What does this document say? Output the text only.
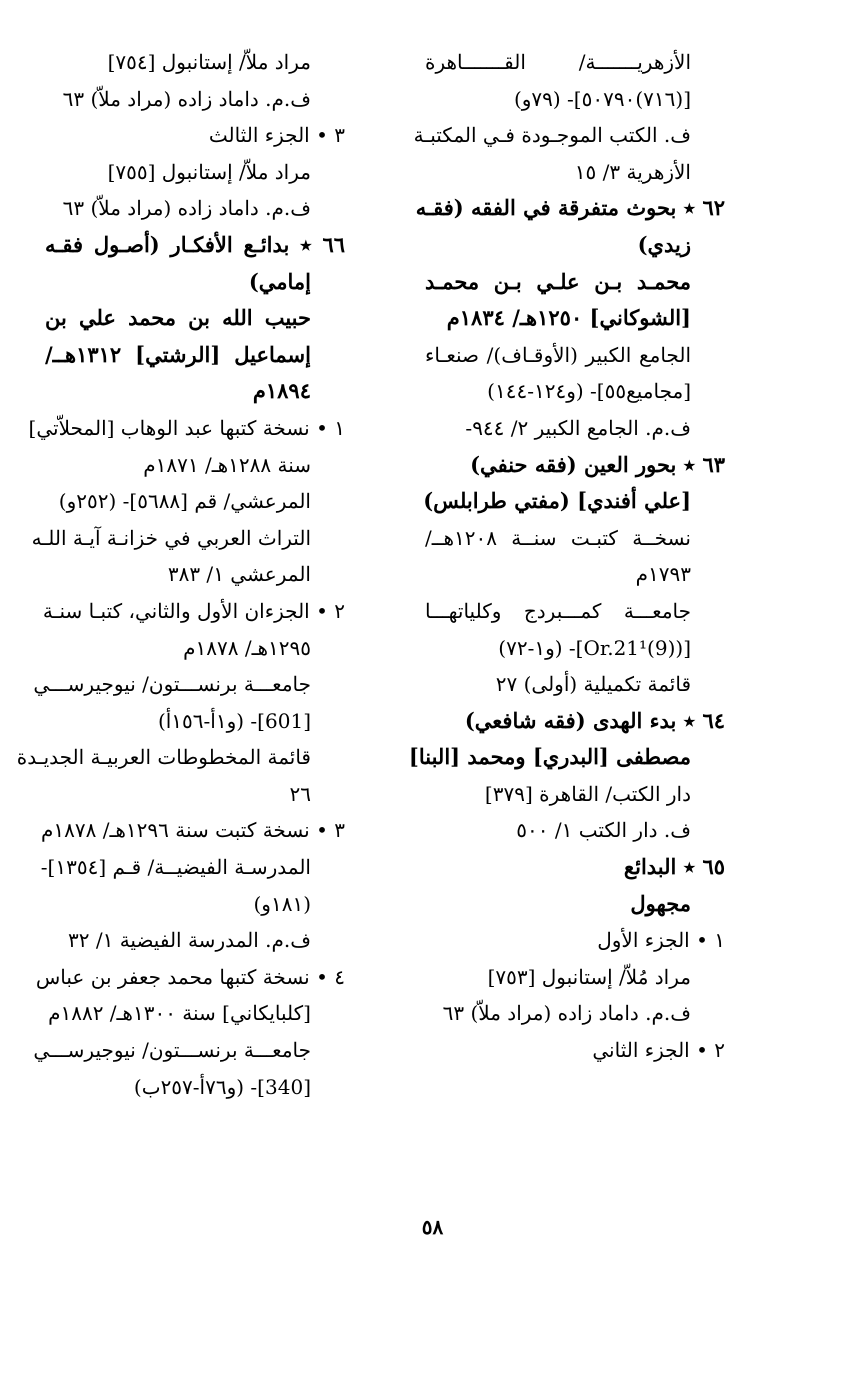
الأزهريـــــــة/ القـــــــاهرة
[(٧١٦)٥٠٧٩٠]- (٧٩و)
ف. الكتب الموجـودة فـي المكتبـة
الأزهرية ٣/ ١٥
٦٢ ٭ بحوث متفرقة في الفقه (فقـه
زيدي)
محمـد بـن علـي بـن محمـد
[الشوكاني] ١٢٥٠هـ/ ١٨٣٤م
الجامع الكبير (الأوقـاف)/ صنعـاء
[مجاميع٥٥]- (و١٢٤-١٤٤)
ف.م. الجامع الكبير ٢/ ٩٤٤-
٦٣ ٭ بحور العين (فقه حنفي)
[علي أفندي] (مفتي طرابلس)
نسخــة كتبـت سنــة ١٢٠٨هــ/
١٧٩٣م
جامعـــة كمـــبردج وكلياتهـــا
[(Or.21¹(9)]- (و١-٧٢)
قائمة تكميلية (أولى) ٢٧
٦٤ ٭ بدء الهدى (فقه شافعي)
مصطفى [البدري] ومحمد [البنا]
دار الكتب/ القاهرة [٣٧٩]
ف. دار الكتب ١/ ٥٠٠
٦٥ ٭ البدائع
مجهول
١ • الجزء الأول
مراد مُلاّ/ إستانبول [٧٥٣]
ف.م. داماد زاده (مراد ملاّ) ٦٣
٢ • الجزء الثاني
مراد ملاّ/ إستانبول [٧٥٤]
ف.م. داماد زاده (مراد ملاّ) ٦٣
٣ • الجزء الثالث
مراد ملاّ/ إستانبول [٧٥٥]
ف.م. داماد زاده (مراد ملاّ) ٦٣
٦٦ ٭ بدائـع الأفكـار (أصـول فقـه
إمامي)
حبيب الله بن محمد علي بن
إسماعيل [الرشتي] ١٣١٢هــ/
١٨٩٤م
١ • نسخة كتبها عبد الوهاب [المحلاّتي]
سنة ١٢٨٨هـ/ ١٨٧١م
المرعشي/ قم [٥٦٨٨]- (٢٥٢و)
التراث العربي في خزانـة آيـة اللـه
المرعشي ١/ ٣٨٣
٢ • الجزءان الأول والثاني، كتبـا سنـة
١٢٩٥هـ/ ١٨٧٨م
جامعـــة برنســـتون/ نيوجيرســـي
[601]- (و١أ-١٥٦أ)
قائمة المخطوطات العربيـة الجديـدة
٢٦
٣ • نسخة كتبت سنة ١٢٩٦هـ/ ١٨٧٨م
المدرسـة الفيضيــة/ قـم [١٣٥٤]-
(١٨١و)
ف.م. المدرسة الفيضية ١/ ٣٢
٤ • نسخة كتبها محمد جعفر بن عباس
[كلبايكاني] سنة ١٣٠٠هـ/ ١٨٨٢م
جامعـــة برنســـتون/ نيوجيرســـي
[340]- (و٧٦أ-٢٥٧ب)
٥٨
